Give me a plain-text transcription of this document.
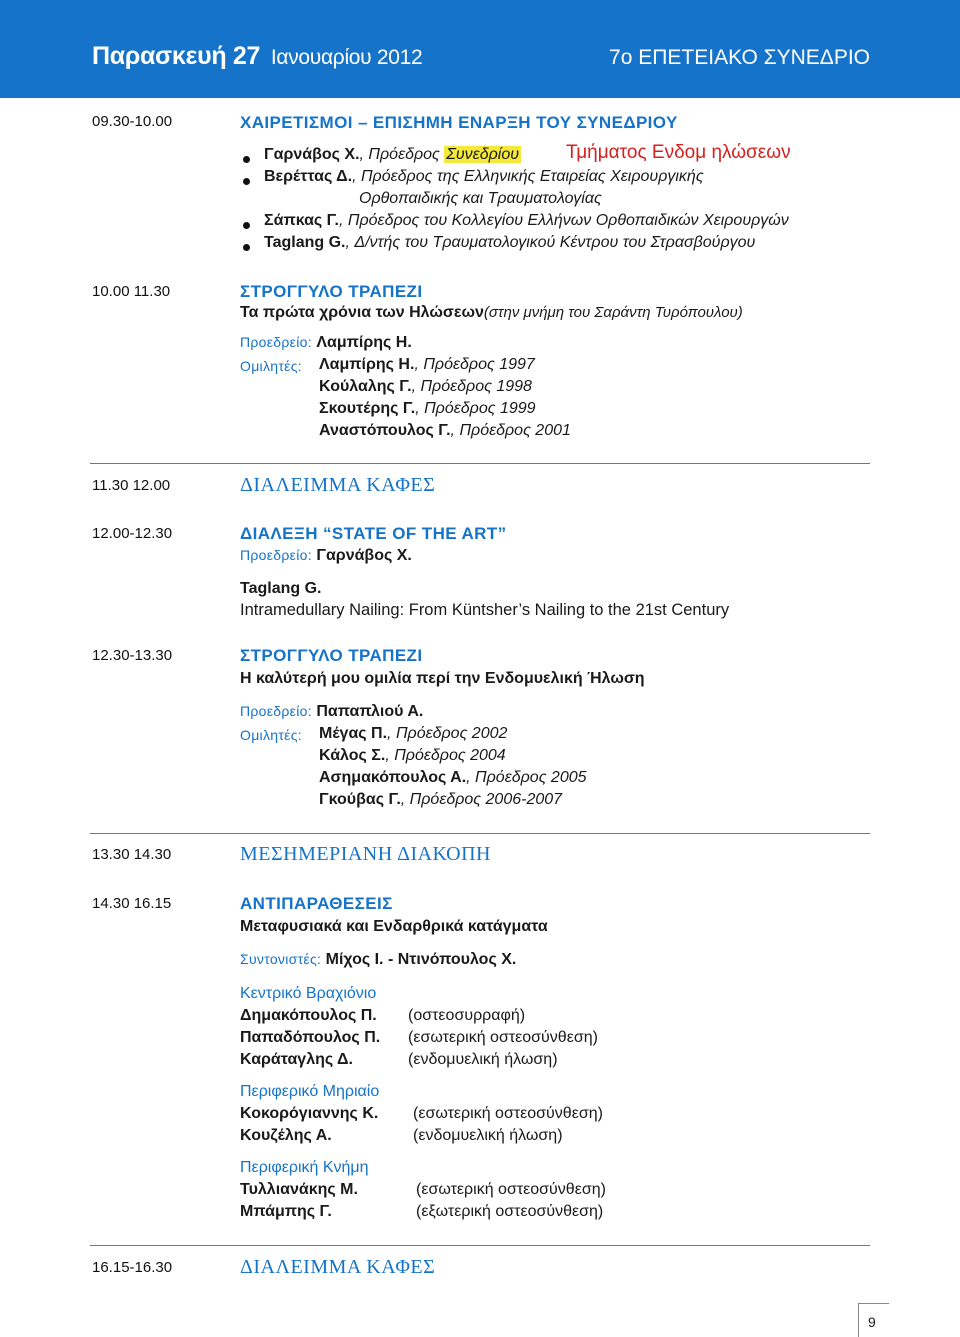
Παρασκευή 27 Ιανουαρίου 2012	7ο ΕΠΕΤΕΙΑΚΟ ΣΥΝΕΔΡΙΟ
09.30-10.00	ΧΑΙΡΕΤΙΣΜΟΙ – ΕΠΙΣΗΜΗ ΕΝΑΡΞΗ ΤΟΥ ΣΥΝΕΔΡΙΟΥ
Γαρνάβος Χ., Πρόεδρος Συνεδρίου Τμήματος Ενδομ ηλώσεων
Βερέττας Δ., Πρόεδρος της Ελληνικής Εταιρείας Χειρουργικής
Ορθοπαιδικής και Τραυματολογίας
Σάπκας Γ., Πρόεδρος του Κολλεγίου Ελλήνων Ορθοπαιδικών Χειρουργών
Taglang G., Δ/ντής του Τραυματολογικού Κέντρου του Στρασβούργου
10.00 11.30	ΣΤΡΟΓΓΥΛΟ ΤΡΑΠΕΖΙ
Τα πρώτα χρόνια των Ηλώσεων(στην μνήμη του Σαράντη Τυρόπουλου)
Προεδρείο: Λαμπίρης Η.
Ομιλητές: Λαμπίρης Η., Πρόεδρος 1997
Κούλαλης Γ., Πρόεδρος 1998
Σκουτέρης Γ., Πρόεδρος 1999
Αναστόπουλος Γ., Πρόεδρος 2001
11.30 12.00	ΔΙΑΛΕΙΜΜΑ ΚΑΦΕΣ
12.00-12.30	ΔΙΑΛΕΞΗ “STATE OF THE ART”
Προεδρείο: Γαρνάβος Χ.
Taglang G.
Intramedullary Nailing: From Küntsher’s Nailing to the 21st Century
12.30-13.30	ΣΤΡΟΓΓΥΛΟ ΤΡΑΠΕΖΙ
Η καλύτερή μου ομιλία περί την Ενδομυελική Ήλωση
Προεδρείο: Παπαπλιού Α.
Ομιλητές: Μέγας Π., Πρόεδρος 2002
Κάλος Σ., Πρόεδρος 2004
Ασημακόπουλος Α., Πρόεδρος 2005
Γκούβας Γ., Πρόεδρος 2006-2007
13.30 14.30	ΜΕΣΗΜΕΡΙΑΝΗ ΔΙΑΚΟΠΗ
14.30 16.15	ΑΝΤΙΠΑΡΑΘΕΣΕΙΣ
Μεταφυσιακά και Ενδαρθρικά κατάγματα
Συντονιστές: Μίχος Ι. - Ντινόπουλος Χ.
Κεντρικό Βραχιόνιο
Δημακόπουλος Π. (οστεοσυρραφή)
Παπαδόπουλος Π. (εσωτερική οστεοσύνθεση)
Καράταγλης Δ.	(ενδομυελική ήλωση)
Περιφερικό Μηριαίο
Κοκορόγιαννης Κ. (εσωτερική οστεοσύνθεση)
Κουζέλης Α.	(ενδομυελική ήλωση)
Περιφερική Κνήμη
Τυλλιανάκης Μ.	(εσωτερική οστεοσύνθεση)
Μπάμπης Γ.	(εξωτερική οστεοσύνθεση)
16.15-16.30	ΔΙΑΛΕΙΜΜΑ ΚΑΦΕΣ
9
